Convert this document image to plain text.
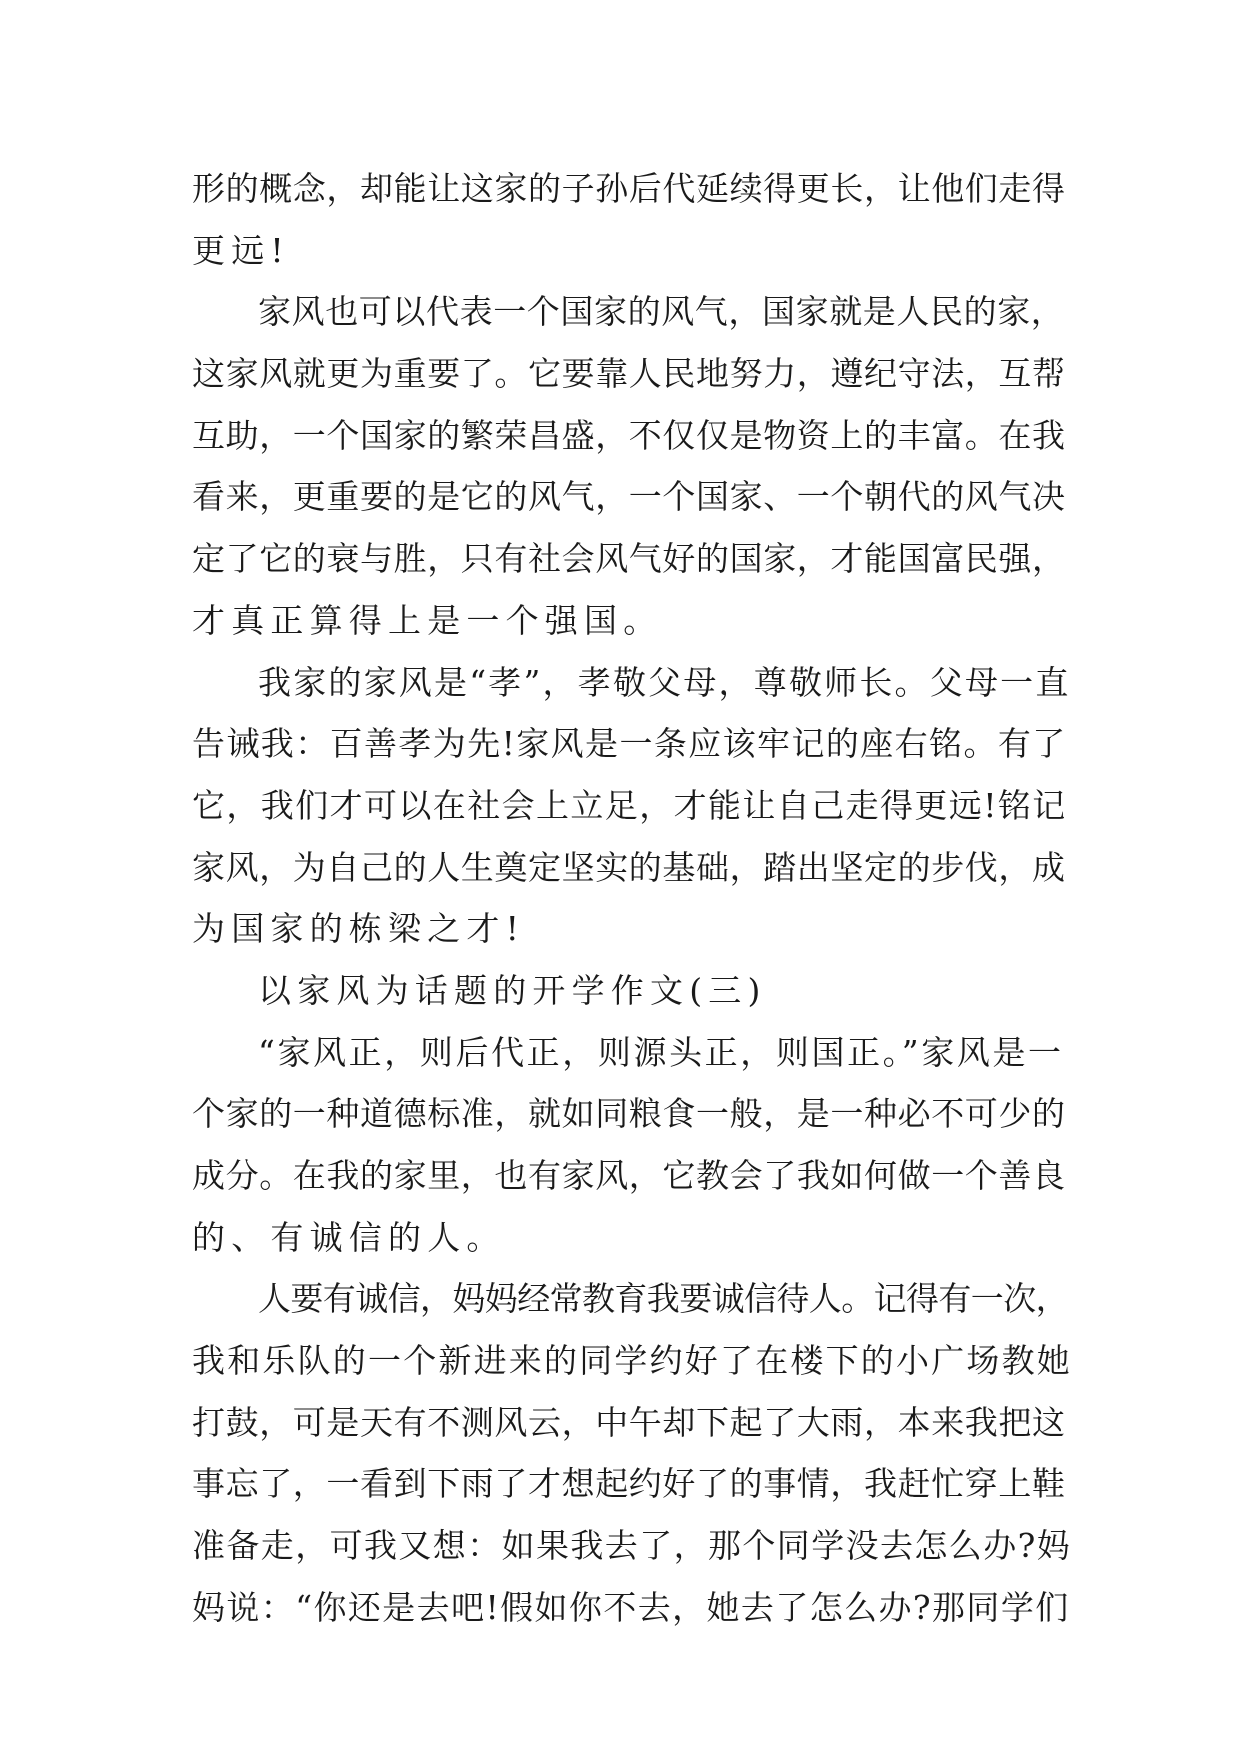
形的概念，却能让这家的子孙后代延续得更长，让他们走得
更远!
家风也可以代表一个国家的风气，国家就是人民的家，
这家风就更为重要了。它要靠人民地努力，遵纪守法，互帮
互助，一个国家的繁荣昌盛，不仅仅是物资上的丰富。在我
看来，更重要的是它的风气，一个国家、一个朝代的风气决
定了它的衰与胜，只有社会风气好的国家，才能国富民强，
才真正算得上是一个强国。
我家的家风是“孝”，孝敬父母，尊敬师长。父母一直
告诫我：百善孝为先!家风是一条应该牢记的座右铭。有了
它，我们才可以在社会上立足，才能让自己走得更远!铭记
家风，为自己的人生奠定坚实的基础，踏出坚定的步伐，成
为国家的栋梁之才!
以家风为话题的开学作文(三)
“家风正，则后代正，则源头正，则国正。”家风是一
个家的一种道德标准，就如同粮食一般，是一种必不可少的
成分。在我的家里，也有家风，它教会了我如何做一个善良
的、有诚信的人。
人要有诚信，妈妈经常教育我要诚信待人。记得有一次，
我和乐队的一个新进来的同学约好了在楼下的小广场教她
打鼓，可是天有不测风云，中午却下起了大雨，本来我把这
事忘了，一看到下雨了才想起约好了的事情，我赶忙穿上鞋
准备走，可我又想：如果我去了，那个同学没去怎么办?妈
妈说：“你还是去吧!假如你不去，她去了怎么办?那同学们
